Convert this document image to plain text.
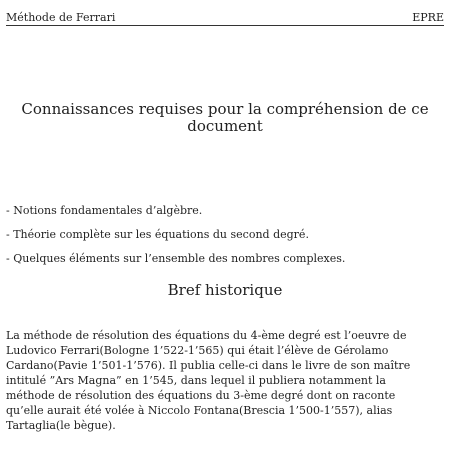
Méthode de Ferrari	EPRE
Connaissances requises pour la compréhension de ce
document
- Notions fondamentales d’algèbre.
- Théorie complète sur les équations du second degré.
- Quelques éléments sur l’ensemble des nombres complexes.
Bref historique
La méthode de résolution des équations du 4-ème degré est l’oeuvre de
Ludovico Ferrari(Bologne 1’522-1’565) qui était l’élève de Gérolamo
Cardano(Pavie 1’501-1’576). Il publia celle-ci dans le livre de son maître
intitulé ”Ars Magna” en 1’545, dans lequel il publiera notamment la
méthode de résolution des équations du 3-ème degré dont on raconte
qu’elle aurait été volée à Niccolo Fontana(Brescia 1’500-1’557), alias
Tartaglia(le bègue).
